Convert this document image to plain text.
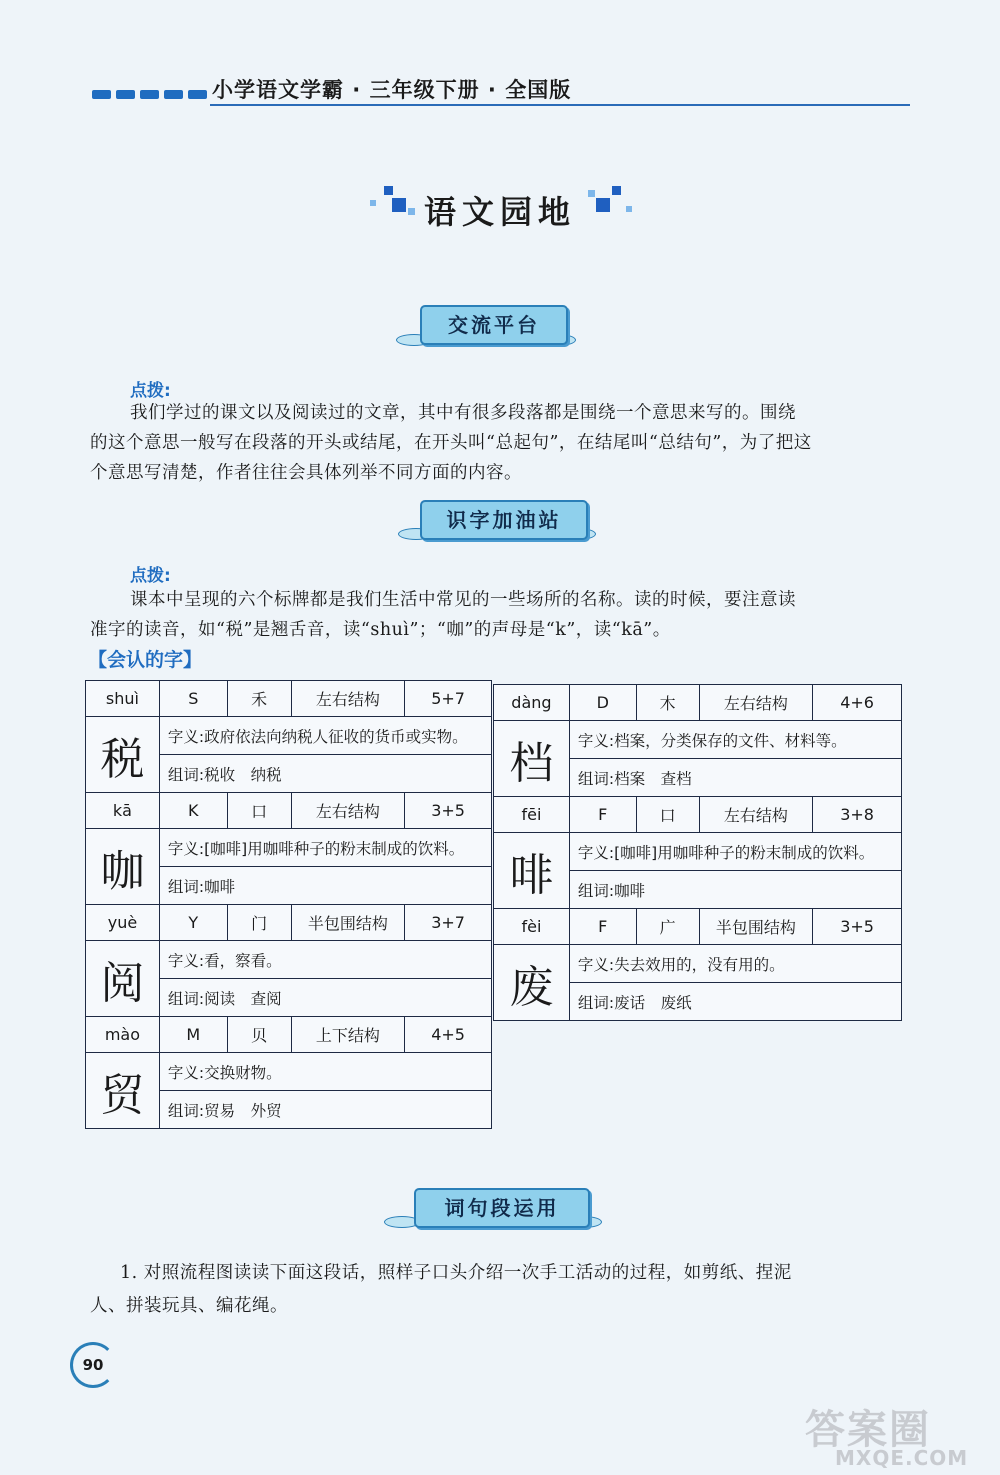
小学语文学霸 · 三年级下册 · 全国版
语文园地
交流平台
点拨:
我们学过的课文以及阅读过的文章，其中有很多段落都是围绕一个意思来写的。围绕
的这个意思一般写在段落的开头或结尾，在开头叫“总起句”，在结尾叫“总结句”，为了把这
个意思写清楚，作者往往会具体列举不同方面的内容。
识字加油站
点拨:
课本中呈现的六个标牌都是我们生活中常见的一些场所的名称。读的时候，要注意读
准字的读音，如“税”是翘舌音，读“shuì”；“咖”的声母是“k”，读“kā”。
【会认的字】
shuì	S	禾	左右结构	5+7
税	字义:政府依法向纳税人征收的货币或实物。			
	组词:税收　纳税			
kā	K	口	左右结构	3+5
咖	字义:[咖啡]用咖啡种子的粉末制成的饮料。			
	组词:咖啡			
yuè	Y	门	半包围结构	3+7
阅	字义:看，察看。			
	组词:阅读　查阅			
mào	M	贝	上下结构	4+5
贸	字义:交换财物。			
	组词:贸易　外贸			
dàng	D	木	左右结构	4+6
档	字义:档案，分类保存的文件、材料等。			
	组词:档案　查档			
fēi	F	口	左右结构	3+8
啡	字义:[咖啡]用咖啡种子的粉末制成的饮料。			
	组词:咖啡			
fèi	F	广	半包围结构	3+5
废	字义:失去效用的，没有用的。			
	组词:废话　废纸			
词句段运用
1. 对照流程图读读下面这段话，照样子口头介绍一次手工活动的过程，如剪纸、捏泥
人、拼装玩具、编花绳。
90
答案圈
MXQE.COM
